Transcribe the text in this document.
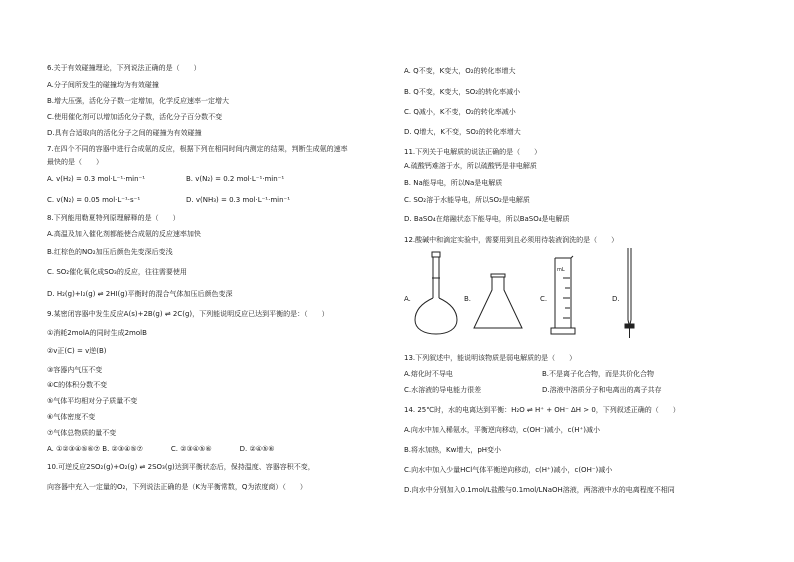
6.关于有效碰撞理论，下列说法正确的是（　　）
A.分子间所发生的碰撞均为有效碰撞
B.增大压强，活化分子数一定增加，化学反应速率一定增大
C.使用催化剂可以增加活化分子数，活化分子百分数不变
D.具有合适取向的活化分子之间的碰撞为有效碰撞
7.在四个不同的容器中进行合成氨的反应，根据下列在相同时间内测定的结果，判断生成氨的速率
最快的是（　　）
A. v(H₂) = 0.3 mol·L⁻¹·min⁻¹	B. v(N₂) = 0.2 mol·L⁻¹·min⁻¹
C. v(N₂) = 0.05 mol·L⁻¹·s⁻¹	D. v(NH₃) = 0.3 mol·L⁻¹·min⁻¹
8.下列能用勒夏特列原理解释的是（　　）
A.高温及加入催化剂都能使合成氨的反应速率加快
B.红棕色的NO₂加压后颜色先变深后变浅
C. SO₂催化氧化成SO₃的反应，往往需要使用
D. H₂(g)+I₂(g) ⇌ 2HI(g)平衡时的混合气体加压后颜色变深
9.某密闭容器中发生反应A(s)+2B(g) ⇌ 2C(g)，下列能说明反应已达到平衡的是：（　　）
①消耗2molA的同时生成2molB
②v正(C) = v逆(B)
③容器内气压不变
④C的体积分数不变
⑤气体平均相对分子质量不变
⑥气体密度不变
⑦气体总物质的量不变
A. ①②③④⑤⑥⑦ B. ②③④⑤⑦　　　　C. ②③④⑤⑥　　　　D. ②④⑤⑥
10.可逆反应2SO₂(g)+O₂(g) ⇌ 2SO₃(g)达到平衡状态后，保持温度、容器容积不变，
向容器中充入一定量的O₂，下列说法正确的是（K为平衡常数，Q为浓度商）（　　）
A. Q不变，K变大，O₂的转化率增大
B. Q不变，K变大，SO₂的转化率减小
C. Q减小，K不变，O₂的转化率减小
D. Q增大，K不变，SO₂的转化率增大
11.下列关于电解质的说法正确的是（　　）
A.硫酸钙难溶于水，所以硫酸钙是非电解质
B. Na能导电，所以Na是电解质
C. SO₂溶于水能导电，所以SO₂是电解质
D. BaSO₄在熔融状态下能导电，所以BaSO₄是电解质
12.酸碱中和滴定实验中，需要用到且必须用待装液润洗的是（　　）
A.	B.	C.
mL
D.
13.下列叙述中，能说明该物质是弱电解质的是（　　）
A.熔化时不导电	B.不是离子化合物，而是共价化合物
C.水溶液的导电能力很差	D.溶液中溶质分子和电离出的离子共存
14. 25℃时，水的电离达到平衡：H₂O ⇌ H⁺ + OH⁻ ΔH > 0，下列叙述正确的（　　）
A.向水中加入稀氨水，平衡逆向移动，c(OH⁻)减小，c(H⁺)减小
B.将水加热，Kw增大，pH变小
C.向水中加入少量HCl气体平衡逆向移动，c(H⁺)减小，c(OH⁻)减小
D.向水中分别加入0.1mol/L盐酸与0.1mol/LNaOH溶液，两溶液中水的电离程度不相同
